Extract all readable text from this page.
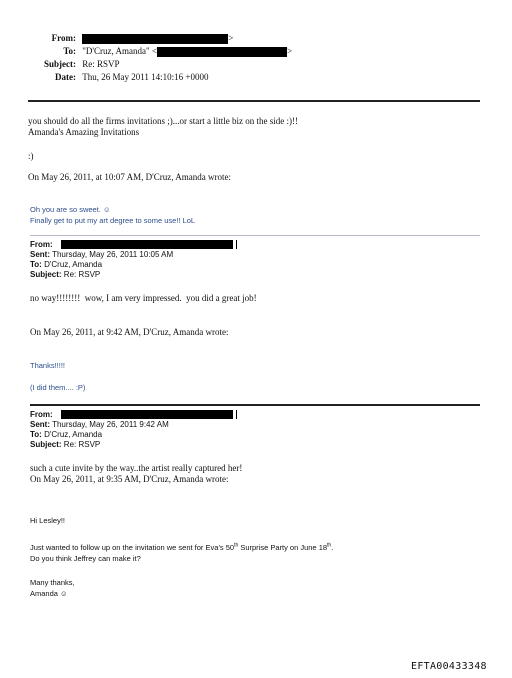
From:	>
To: "D'Cruz, Amanda" <	>
Subject: Re: RSVP
Date: Thu, 26 May 2011 14:10:16 +0000
you should do all the firms invitations ;)...or start a little biz on the side :)!!
Amanda's Amazing Invitations
:)
On May 26, 2011, at 10:07 AM, D'Cruz, Amanda wrote:
Oh you are so sweet. ☺
Finally get to put my art degree to some use!! LoL
From:
Sent: Thursday, May 26, 2011 10:05 AM
To: D'Cruz, Amanda
Subject: Re: RSVP
no way!!!!!!!!  wow, I am very impressed.  you did a great job!
On May 26, 2011, at 9:42 AM, D'Cruz, Amanda wrote:
Thanks!!!!!
(I did them.... :P)
From:
Sent: Thursday, May 26, 2011 9:42 AM
To: D'Cruz, Amanda
Subject: Re: RSVP
such a cute invite by the way..the artist really captured her!
On May 26, 2011, at 9:35 AM, D'Cruz, Amanda wrote:
Hi Lesley!!
Just wanted to follow up on the invitation we sent for Eva's 50th Surprise Party on June 18th.
Do you think Jeffrey can make it?
Many thanks,
Amanda ☺
EFTA00433348
